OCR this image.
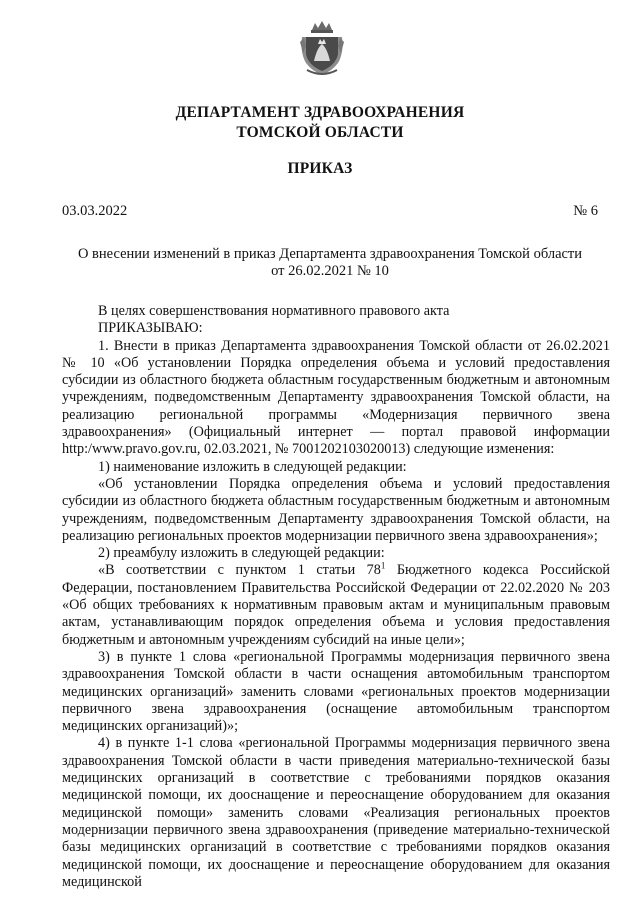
ДЕПАРТАМЕНТ ЗДРАВООХРАНЕНИЯ
ТОМСКОЙ ОБЛАСТИ
ПРИКАЗ
03.03.2022	№ 6
О внесении изменений в приказ Департамента здравоохранения Томской области
от 26.02.2021 № 10

В целях совершенствования нормативного правового акта

ПРИКАЗЫВАЮ:

1. Внести в приказ Департамента здравоохранения Томской области от 26.02.2021 № 10 «Об установлении Порядка определения объема и условий предоставления субсидии из областного бюджета областным государственным бюджетным и автономным учреждениям, подведомственным Департаменту здравоохранения Томской области, на реализацию региональной программы «Модернизация первичного звена здравоохранения» (Официальный интернет — портал правовой информации http:/www.pravo.gov.ru, 02.03.2021, № 7001202103020013) следующие изменения:

1) наименование изложить в следующей редакции:

«Об установлении Порядка определения объема и условий предоставления субсидии из областного бюджета областным государственным бюджетным и автономным учреждениям, подведомственным Департаменту здравоохранения Томской области, на реализацию региональных проектов модернизации первичного звена здравоохранения»;

2) преамбулу изложить в следующей редакции:

«В соответствии с пунктом 1 статьи $78^1$ Бюджетного кодекса Российской Федерации, постановлением Правительства Российской Федерации от 22.02.2020 № 203 «Об общих требованиях к нормативным правовым актам и муниципальным правовым актам, устанавливающим порядок определения объема и условия предоставления бюджетным и автономным учреждениям субсидий на иные цели»;

3) в пункте 1 слова «региональной Программы модернизация первичного звена здравоохранения Томской области в части оснащения автомобильным транспортом медицинских организаций» заменить словами «региональных проектов модернизации первичного звена здравоохранения (оснащение автомобильным транспортом медицинских организаций)»;

4) в пункте 1-1 слова «региональной Программы модернизация первичного звена здравоохранения Томской области в части приведения материально-технической базы медицинских организаций в соответствие с требованиями порядков оказания медицинской помощи, их дооснащение и переоснащение оборудованием для оказания медицинской помощи» заменить словами «Реализация региональных проектов модернизации первичного звена здравоохранения (приведение материально-технической базы медицинских организаций в соответствие с требованиями порядков оказания медицинской помощи, их дооснащение и переоснащение оборудованием для оказания медицинской
